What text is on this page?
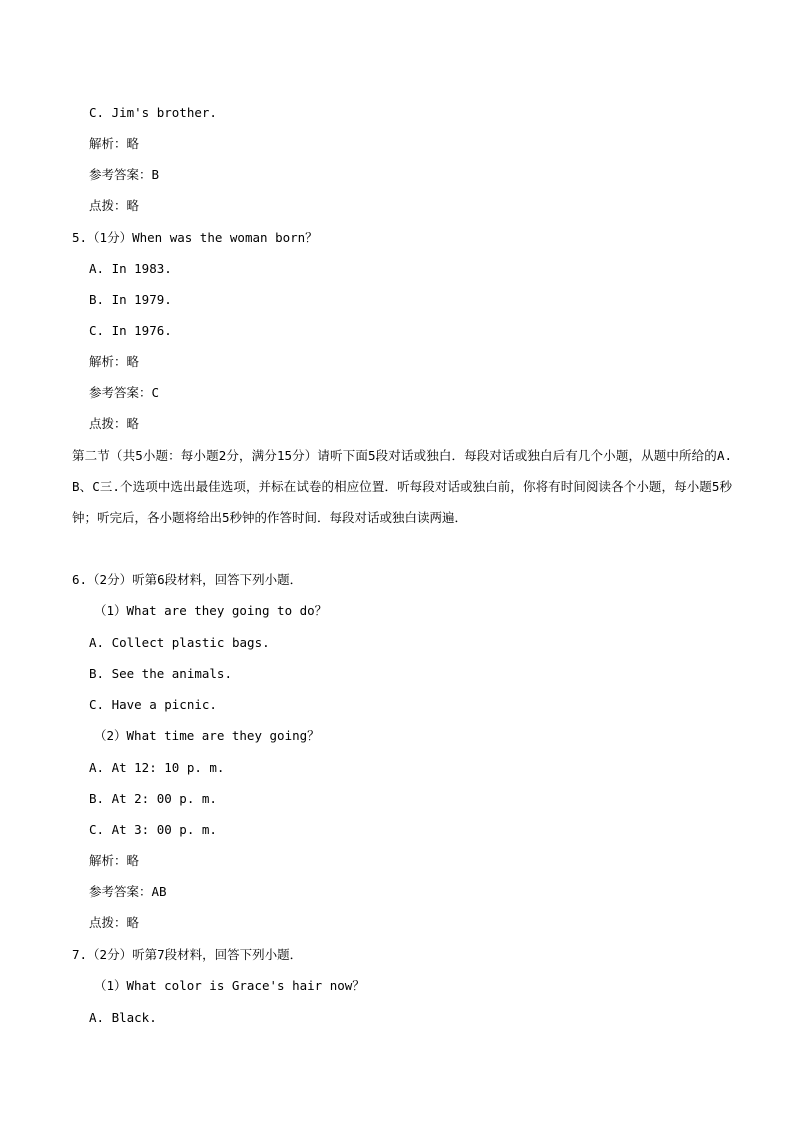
C. Jim's brother.
解析：略
参考答案：B
点拨：略
5.（1分）When was the woman born？
A. In 1983.
B. In 1979.
C. In 1976.
解析：略
参考答案：C
点拨：略
第二节（共5小题：每小题2分，满分15分）请听下面5段对话或独白．每段对话或独白后有几个小题，从题中所给的A. B、C三.个选项中选出最佳选项，并标在试卷的相应位置．听每段对话或独白前，你将有时间阅读各个小题，每小题5秒钟；听完后，各小题将给出5秒钟的作答时间．每段对话或独白读两遍．
6.（2分）听第6段材料，回答下列小题．
（1）What are they going to do？
A. Collect plastic bags.
B. See the animals.
C. Have a picnic.
（2）What time are they going？
A. At 12: 10 p. m.
B. At 2: 00 p. m.
C. At 3: 00 p. m.
解析：略
参考答案：AB
点拨：略
7.（2分）听第7段材料，回答下列小题．
（1）What color is Grace's hair now？
A. Black.
